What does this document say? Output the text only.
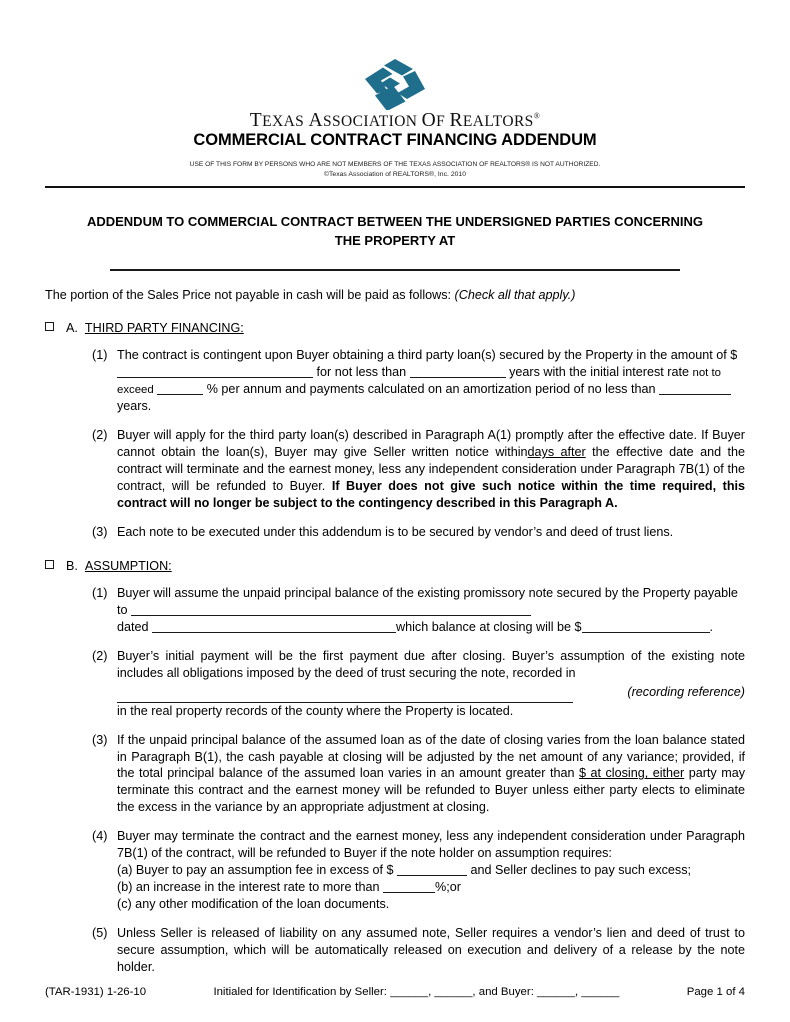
TEXAS ASSOCIATION OF REALTORS®
COMMERCIAL CONTRACT FINANCING ADDENDUM
USE OF THIS FORM BY PERSONS WHO ARE NOT MEMBERS OF THE TEXAS ASSOCIATION OF REALTORS® IS NOT AUTHORIZED.
©Texas Association of REALTORS®, Inc. 2010
ADDENDUM TO COMMERCIAL CONTRACT BETWEEN THE UNDERSIGNED PARTIES CONCERNING
THE PROPERTY AT
The portion of the Sales Price not payable in cash will be paid as follows: (Check all that apply.)
A. THIRD PARTY FINANCING:
(1) The contract is contingent upon Buyer obtaining a third party loan(s) secured by the Property in the amount of $ for not less than	years with the initial interest rate not to exceed	% per annum and payments calculated on an amortization period of no less than  years.
(2) Buyer will apply for the third party loan(s) described in Paragraph A(1) promptly after the effective date. If Buyer cannot obtain the loan(s), Buyer may give Seller written notice withindays after the effective date and the contract will terminate and the earnest money, less any independent consideration under Paragraph 7B(1) of the contract, will be refunded to Buyer. If Buyer does not give such notice within the time required, this contract will no longer be subject to the contingency described in this Paragraph A.
(3) Each note to be executed under this addendum is to be secured by vendor’s and deed of trust liens.
B. ASSUMPTION:
(1) Buyer will assume the unpaid principal balance of the existing promissory note secured by the Property payable to
dated	which balance at closing will be $	.
(2) Buyer’s initial payment will be the first payment due after closing. Buyer’s assumption of the existing note includes all obligations imposed by the deed of trust securing the note, recorded in
(recording reference)
in the real property records of the county where the Property is located.
(3) If the unpaid principal balance of the assumed loan as of the date of closing varies from the loan balance stated in Paragraph B(1), the cash payable at closing will be adjusted by the net amount of any variance; provided, if the total principal balance of the assumed loan varies in an amount greater than $ at closing, either party may terminate this contract and the earnest money will be refunded to Buyer unless either party elects to eliminate the excess in the variance by an appropriate adjustment at closing.
(4) Buyer may terminate the contract and the earnest money, less any independent consideration under Paragraph 7B(1) of the contract, will be refunded to Buyer if the note holder on assumption requires:
(a) Buyer to pay an assumption fee in excess of $	and Seller declines to pay such excess;
(b) an increase in the interest rate to more than	%;or
(c) any other modification of the loan documents.
(5) Unless Seller is released of liability on any assumed note, Seller requires a vendor’s lien and deed of trust to secure assumption, which will be automatically released on execution and delivery of a release by the note holder.
(TAR-1931) 1-26-10	Initialed for Identification by Seller: ______, ______, and Buyer: ______, ______	Page 1 of 4
